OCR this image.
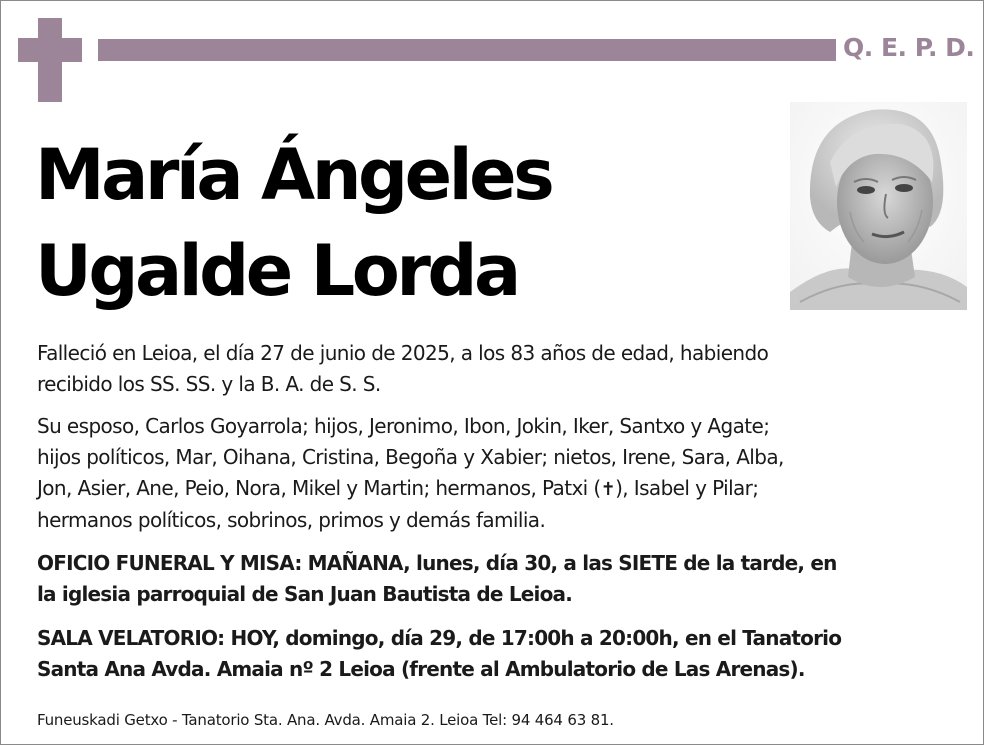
Q. E. P. D.
María Ángeles
Ugalde Lorda
Falleció en Leioa, el día 27 de junio de 2025, a los 83 años de edad, habiendo
recibido los SS. SS. y la B. A. de S. S.
Su esposo, Carlos Goyarrola; hijos, Jeronimo, Ibon, Jokin, Iker, Santxo y Agate;
hijos políticos, Mar, Oihana, Cristina, Begoña y Xabier; nietos, Irene, Sara, Alba,
Jon, Asier, Ane, Peio, Nora, Mikel y Martin; hermanos, Patxi (✝), Isabel y Pilar;
hermanos políticos, sobrinos, primos y demás familia.
OFICIO FUNERAL Y MISA: MAÑANA, lunes, día 30, a las SIETE de la tarde, en
la iglesia parroquial de San Juan Bautista de Leioa.
SALA VELATORIO: HOY, domingo, día 29, de 17:00h a 20:00h, en el Tanatorio
Santa Ana Avda. Amaia nº 2 Leioa (frente al Ambulatorio de Las Arenas).
Funeuskadi Getxo - Tanatorio Sta. Ana. Avda. Amaia 2. Leioa Tel: 94 464 63 81.
